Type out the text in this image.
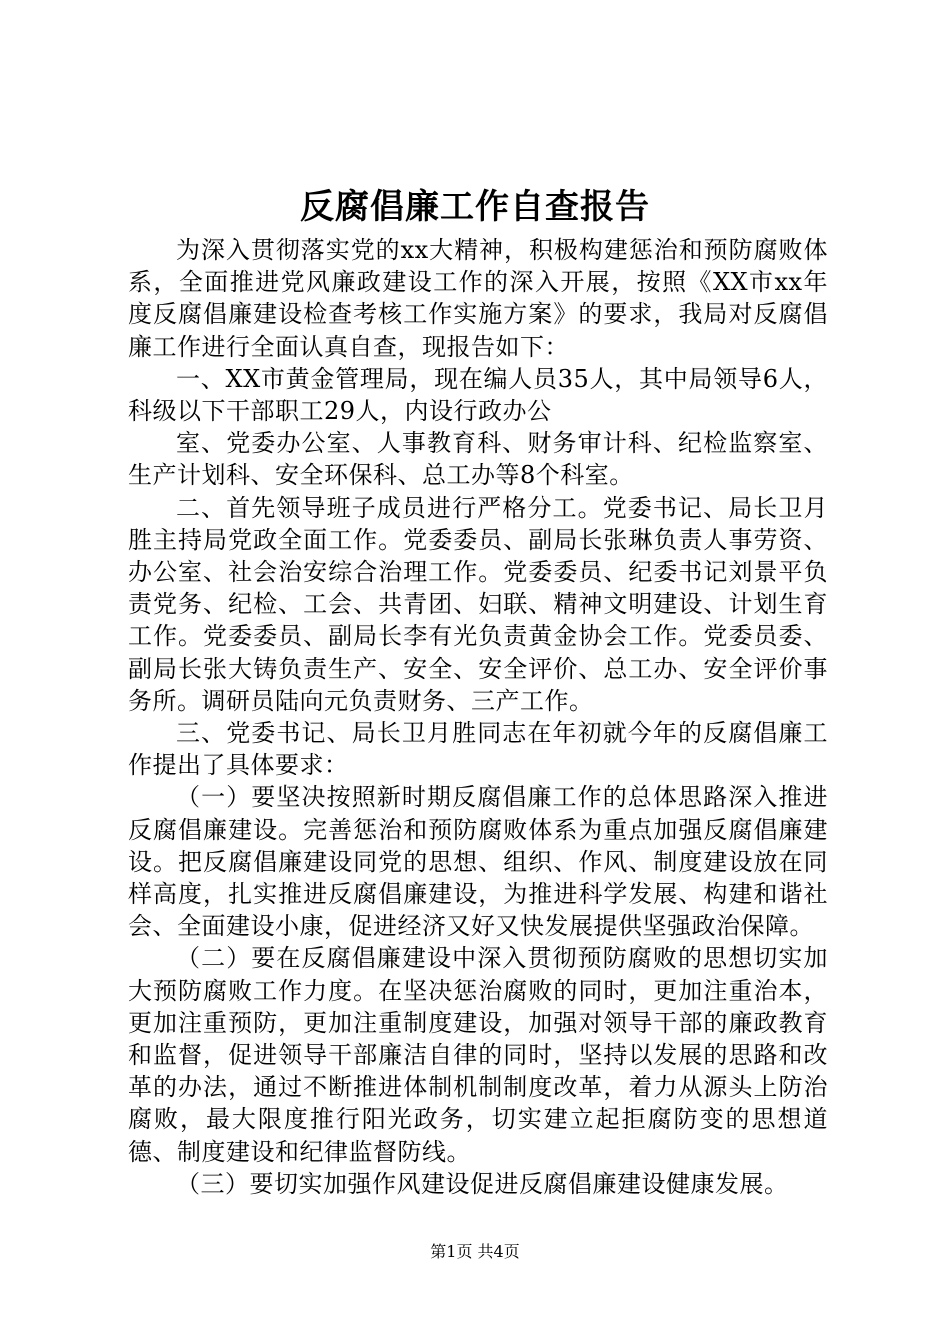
反腐倡廉工作自查报告

为深入贯彻落实党的xx大精神，积极构建惩治和预防腐败体系，全面推进党风廉政建设工作的深入开展，按照《XX市xx年度反腐倡廉建设检查考核工作实施方案》的要求，我局对反腐倡廉工作进行全面认真自查，现报告如下：

一、XX市黄金管理局，现在编人员35人，其中局领导6人，科级以下干部职工29人，内设行政办公

室、党委办公室、人事教育科、财务审计科、纪检监察室、生产计划科、安全环保科、总工办等8个科室。

二、首先领导班子成员进行严格分工。党委书记、局长卫月胜主持局党政全面工作。党委委员、副局长张琳负责人事劳资、办公室、社会治安综合治理工作。党委委员、纪委书记刘景平负责党务、纪检、工会、共青团、妇联、精神文明建设、计划生育工作。党委委员、副局长李有光负责黄金协会工作。党委员委、副局长张大铸负责生产、安全、安全评价、总工办、安全评价事务所。调研员陆向元负责财务、三产工作。

三、党委书记、局长卫月胜同志在年初就今年的反腐倡廉工作提出了具体要求：

（一）要坚决按照新时期反腐倡廉工作的总体思路深入推进反腐倡廉建设。完善惩治和预防腐败体系为重点加强反腐倡廉建设。把反腐倡廉建设同党的思想、组织、作风、制度建设放在同样高度，扎实推进反腐倡廉建设，为推进科学发展、构建和谐社会、全面建设小康，促进经济又好又快发展提供坚强政治保障。

（二）要在反腐倡廉建设中深入贯彻预防腐败的思想切实加大预防腐败工作力度。在坚决惩治腐败的同时，更加注重治本，更加注重预防，更加注重制度建设，加强对领导干部的廉政教育和监督，促进领导干部廉洁自律的同时，坚持以发展的思路和改革的办法，通过不断推进体制机制制度改革，着力从源头上防治腐败，最大限度推行阳光政务，切实建立起拒腐防变的思想道德、制度建设和纪律监督防线。

（三）要切实加强作风建设促进反腐倡廉建设健康发展。

第1页 共4页
